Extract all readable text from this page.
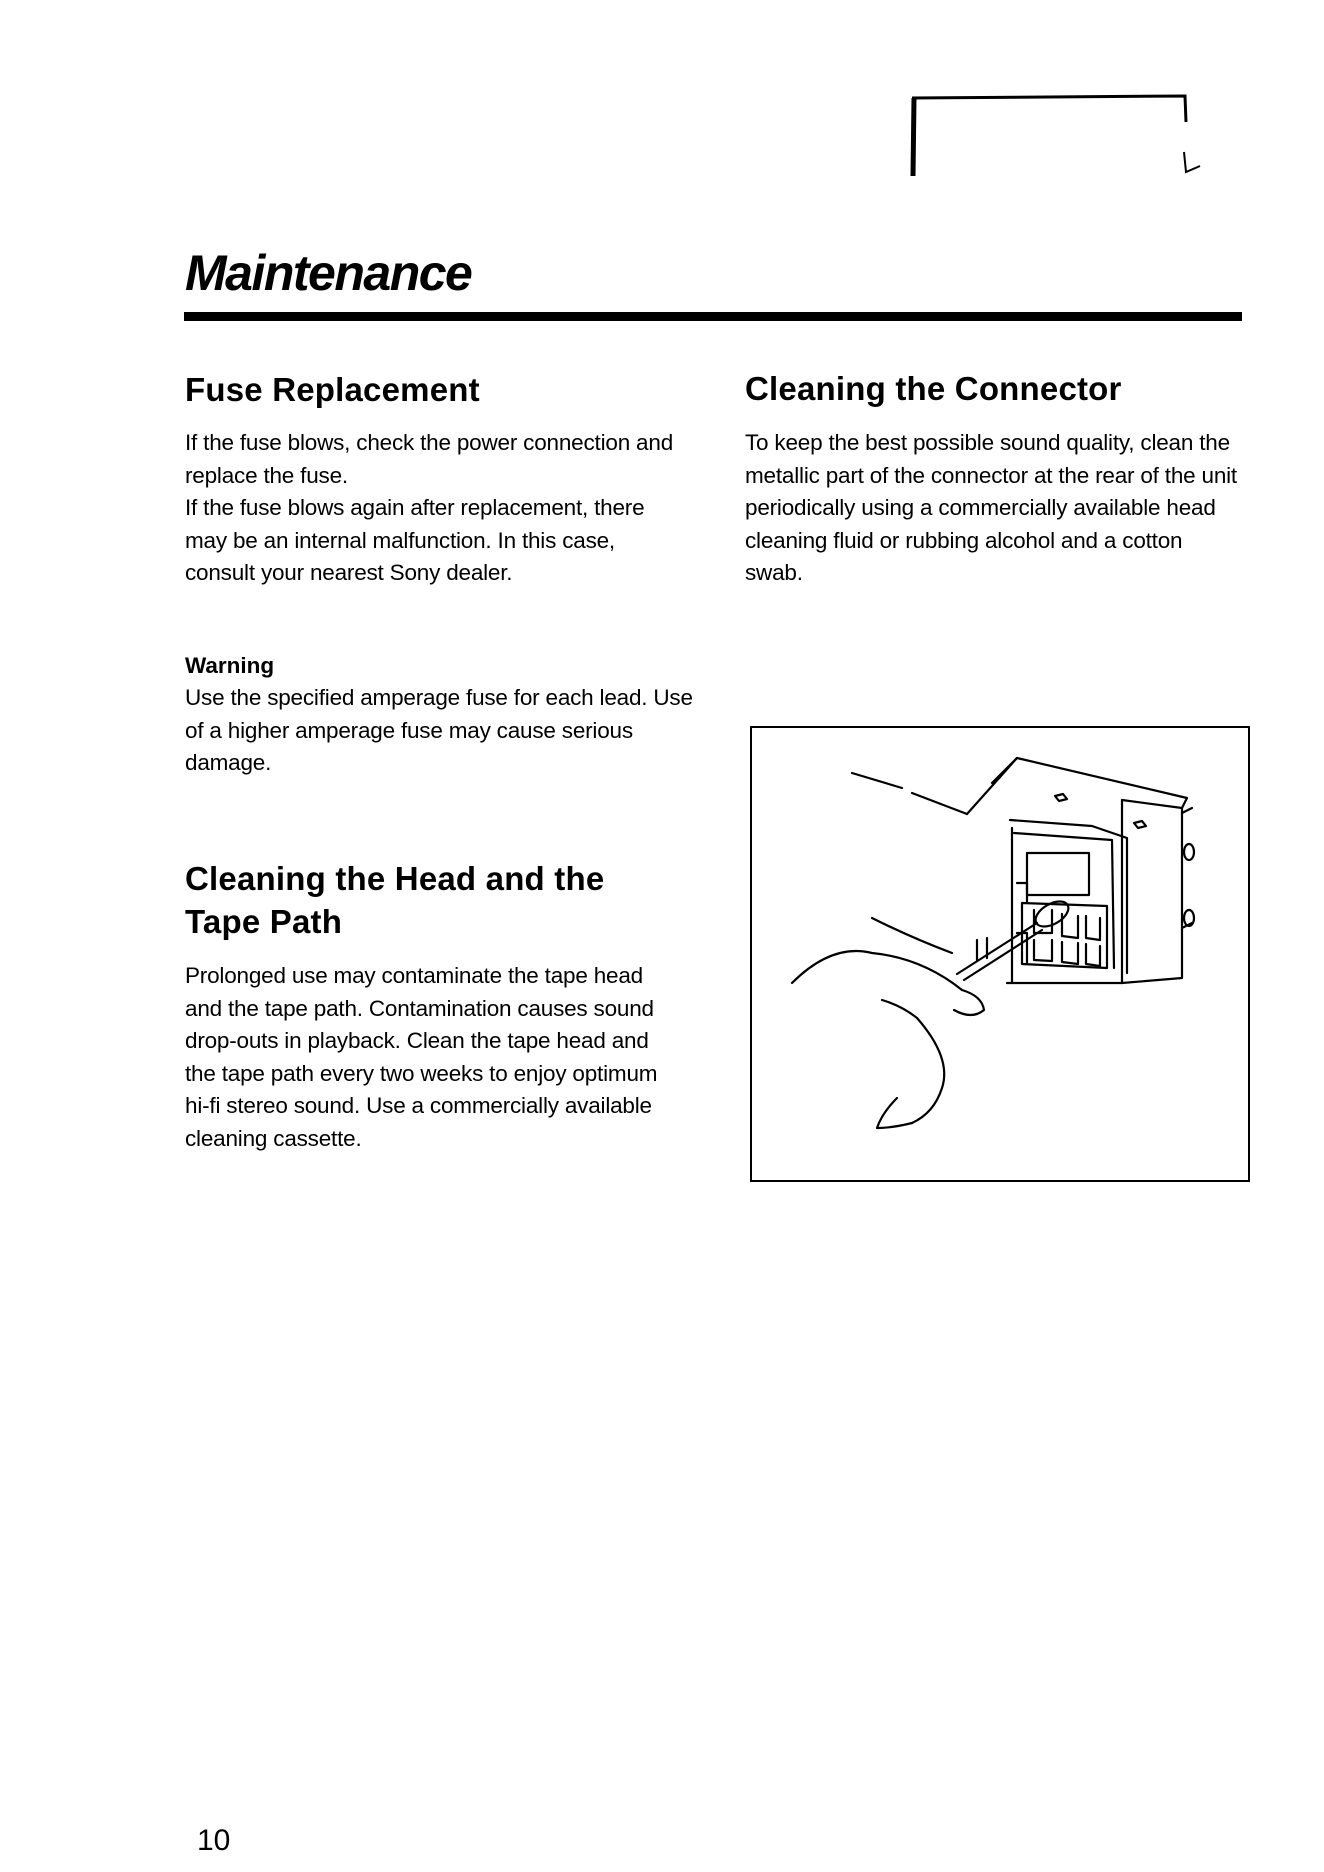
Maintenance
Fuse Replacement

If the fuse blows, check the power connection and replace the fuse.

If the fuse blows again after replacement, there may be an internal malfunction. In this case, consult your nearest Sony dealer.

Warning

Use the specified amperage fuse for each lead. Use of a higher amperage fuse may cause serious damage.

Cleaning the Head and the
Tape Path

Prolonged use may contaminate the tape head and the tape path. Contamination causes sound drop-outs in playback. Clean the tape head and the tape path every two weeks to enjoy optimum hi-fi stereo sound. Use a commercially available cleaning cassette.

Cleaning the Connector

To keep the best possible sound quality, clean the metallic part of the connector at the rear of the unit periodically using a commercially available head cleaning fluid or rubbing alcohol and a cotton swab.

10
